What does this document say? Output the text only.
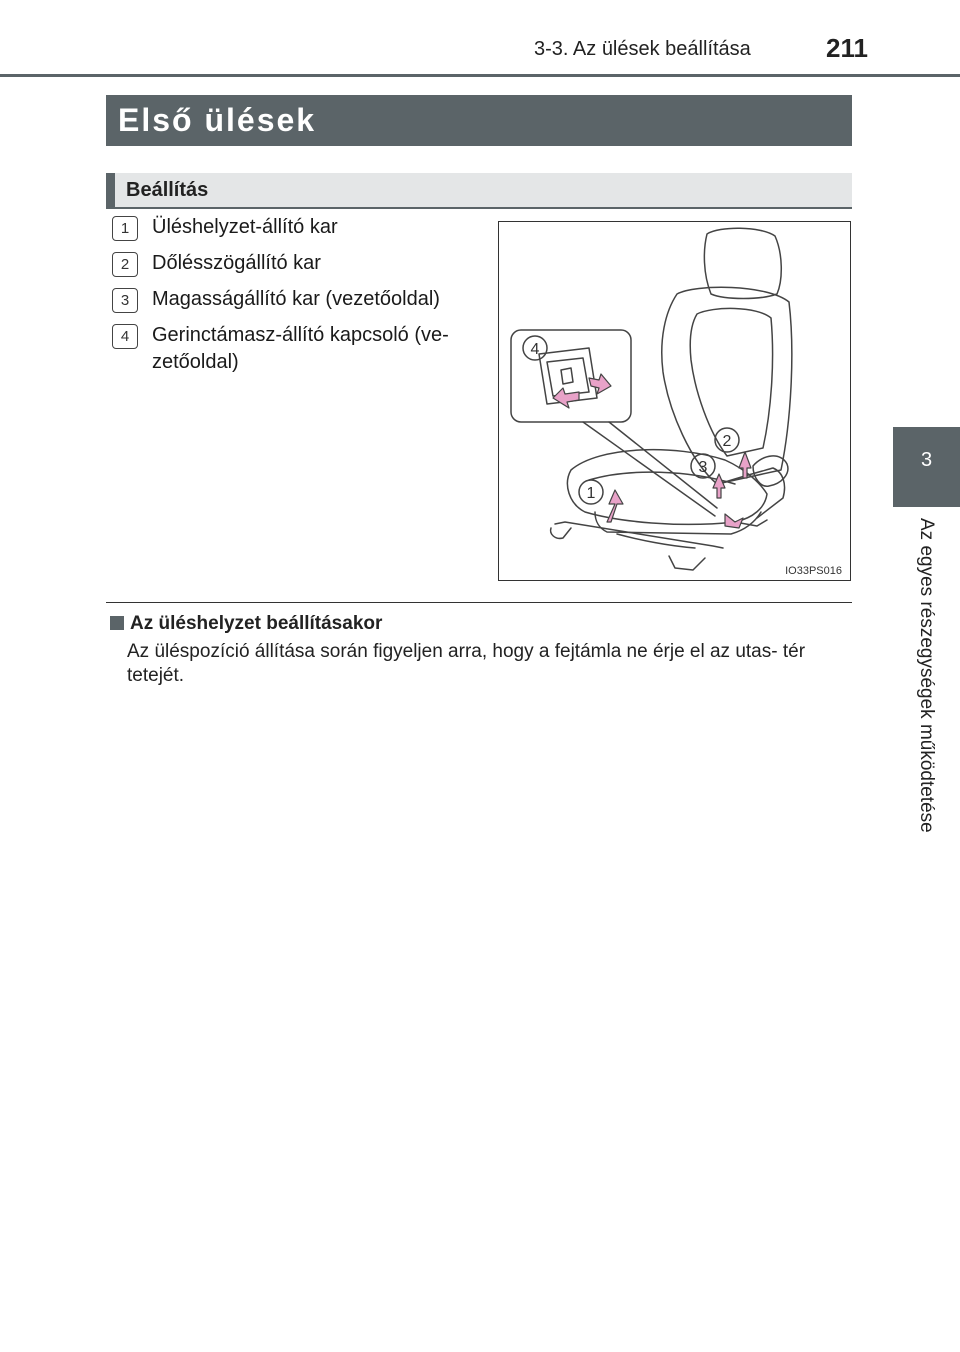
3-3. Az ülések beállítása	211
Első ülések
Beállítás
1	Üléshelyzet-állító kar
2	Dőlésszögállító kar
3	Magasságállító kar (vezetőoldal)
4	Gerinctámasz-állító kapcsoló (ve- zetőoldal)
4
2
3
1
IO33PS016
Az üléshelyzet beállításakor
Az üléspozíció állítása során figyeljen arra, hogy a fejtámla ne érje el az utas- tér tetejét.
3
Az egyes részegységek működtetése
